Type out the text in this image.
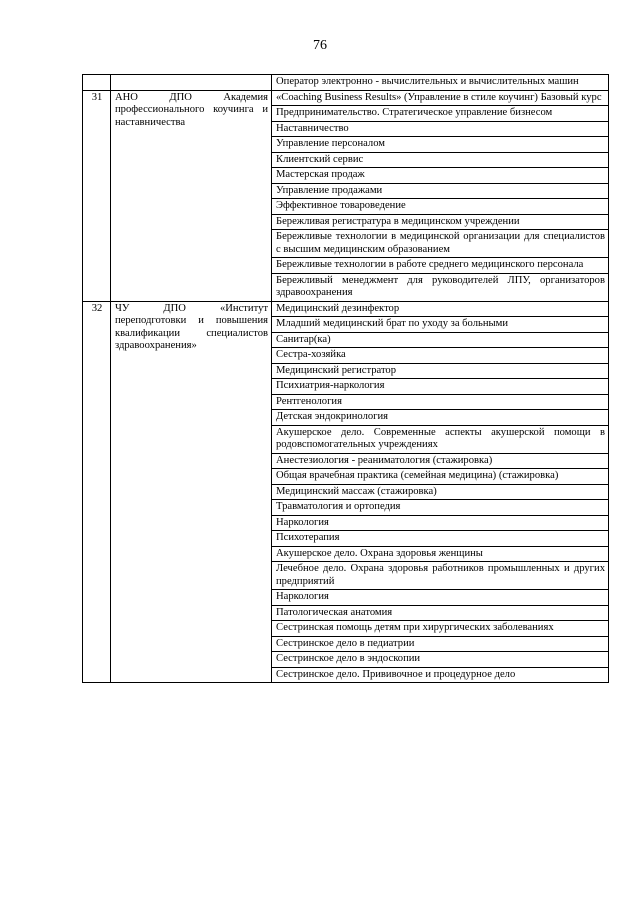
76
		Оператор электронно - вычислительных и вычислительных машин
31	АНО ДПО Академия профессионального коучинга и наставничества	«Coaching Business Results» (Управление в стиле коучинг) Базовый курс
		Предпринимательство. Стратегическое управление бизнесом
		Наставничество
		Управление персоналом
		Клиентский сервис
		Мастерская продаж
		Управление продажами
		Эффективное товароведение
		Бережливая регистратура в медицинском учреждении
		Бережливые технологии в медицинской организации для специалистов с высшим медицинским образованием
		Бережливые технологии в работе среднего медицинского персонала
		Бережливый менеджмент для руководителей ЛПУ, организаторов здравоохранения
32	ЧУ ДПО «Институт переподготовки и повышения квалификации специалистов здравоохранения»	Медицинский дезинфектор
		Младший медицинский брат по уходу за больными
		Санитар(ка)
		Сестра-хозяйка
		Медицинский регистратор
		Психиатрия-наркология
		Рентгенология
		Детская эндокринология
		Акушерское дело. Современные аспекты акушерской помощи в родовспомогательных учреждениях
		Анестезиология - реаниматология (стажировка)
		Общая врачебная практика (семейная медицина) (стажировка)
		Медицинский массаж (стажировка)
		Травматология и ортопедия
		Наркология
		Психотерапия
		Акушерское дело. Охрана здоровья женщины
		Лечебное дело. Охрана здоровья работников промышленных и других предприятий
		Наркология
		Патологическая анатомия
		Сестринская помощь детям при хирургических заболеваниях
		Сестринское дело в педиатрии
		Сестринское дело в эндоскопии
		Сестринское дело. Прививочное и процедурное дело
